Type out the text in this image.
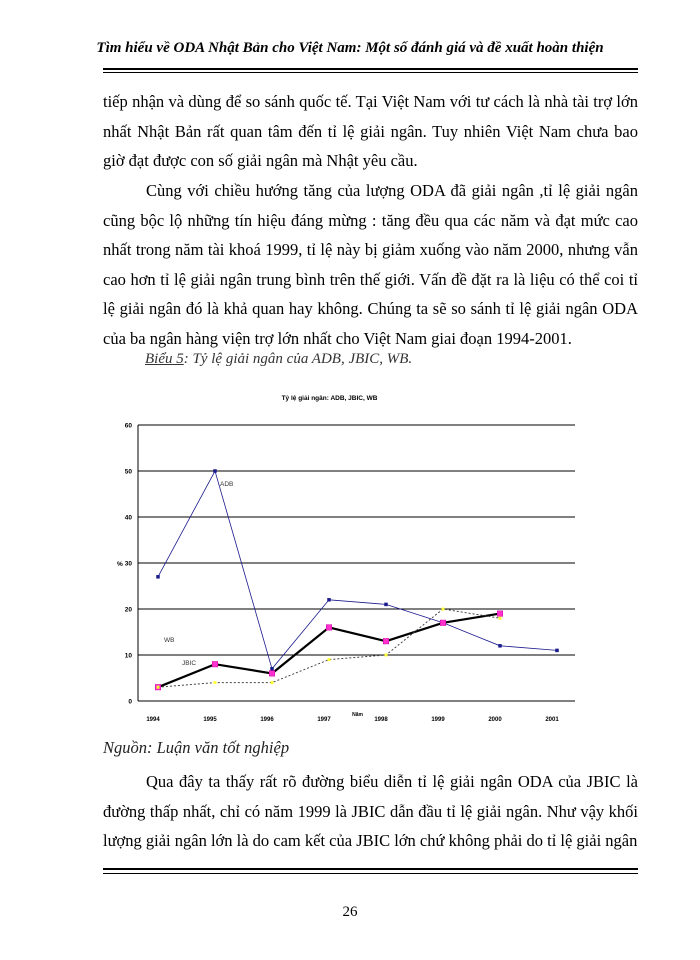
Tìm hiểu về ODA Nhật Bản cho Việt Nam: Một số đánh giá và đề xuất hoàn thiện

tiếp nhận và dùng để so sánh quốc tế. Tại Việt Nam với tư cách là nhà tài trợ lớn nhất Nhật Bản rất quan tâm đến tỉ lệ giải ngân. Tuy nhiên Việt Nam chưa bao giờ đạt được con số giải ngân mà Nhật yêu cầu.

Cùng với chiều hướng tăng của lượng ODA đã giải ngân ,tỉ lệ giải ngân cũng bộc lộ những tín hiệu đáng mừng : tăng đều qua các năm và đạt mức cao nhất trong năm tài khoá 1999, tỉ lệ này bị giảm xuống vào năm 2000, nhưng vẫn cao hơn tỉ lệ giải ngân trung bình trên thế giới. Vấn đề đặt ra là liệu có thể coi tỉ lệ giải ngân đó là khả quan hay không. Chúng ta sẽ so sánh tỉ lệ giải ngân ODA của ba ngân hàng viện trợ lớn nhất cho Việt Nam giai đoạn 1994-2001.

Biểu 5: Tỷ lệ giải ngân của ADB, JBIC, WB.
Tỷ lệ giải ngân: ADB, JBIC, WB
0
10
20
30
40
50
60
%
1994	1995	1996	1997	1998	1999	2000	2001
Năm
ADB
JBIC
WB
Nguồn: Luận văn tốt nghiệp

Qua đây ta thấy rất rõ đường biểu diễn tỉ lệ giải ngân ODA của JBIC là đường thấp nhất, chỉ có năm 1999 là JBIC dẫn đầu tỉ lệ giải ngân. Như vậy khối lượng giải ngân lớn là do cam kết của JBIC lớn chứ không phải do tỉ lệ giải ngân

26
